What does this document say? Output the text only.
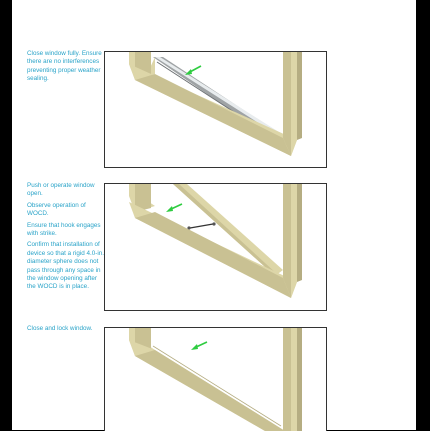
Close window fully. Ensure there are no interferences preventing proper weather sealing.

Push or operate window open.

Observe operation of WOCD.

Ensure that hook engages with strike.

Confirm that installation of device so that a rigid 4.0-in. diameter sphere does not pass through any space in the window opening after the WOCD is in place.

Close and lock window.
